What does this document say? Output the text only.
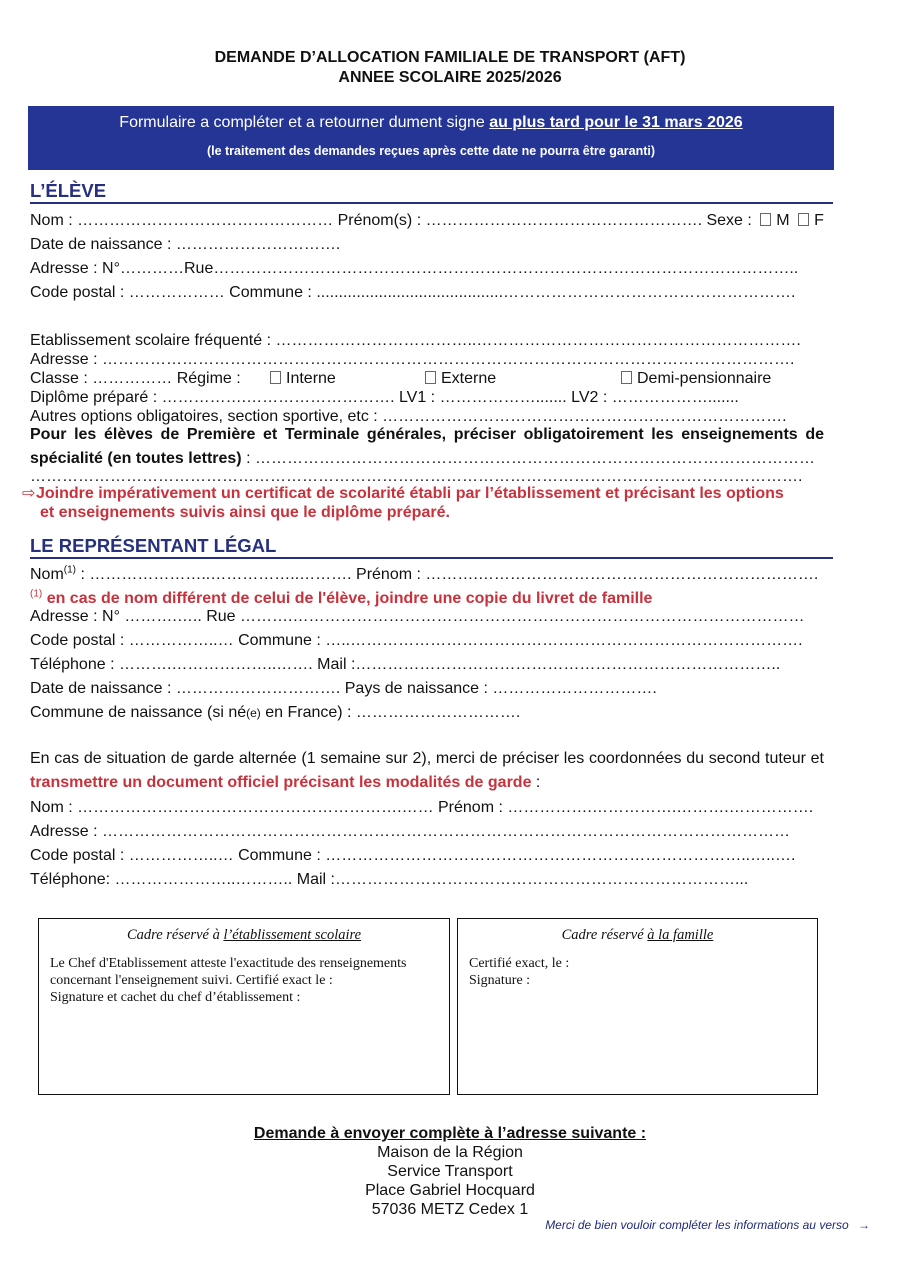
DEMANDE D’ALLOCATION FAMILIALE DE TRANSPORT (AFT)
ANNEE SCOLAIRE 2025/2026
Formulaire a compléter et a retourner dument signe au plus tard pour le 31 mars 2026
(le traitement des demandes reçues après cette date ne pourra être garanti)
L’ÉLÈVE
Nom : ………………………………………… Prénom(s) : ……………………………………………. Sexe : M F
Date de naissance : ………………………….
Adresse : N°…………Rue………………………………………………………………………………………………..
Code postal : ……………… Commune : ..........................................……………………………………………….
Etablissement scolaire fréquenté : ………………………………..…………………………………………………….
Adresse : ………………………………………………………………………………………………………………….
Classe : …………… Régime :	Interne	Externe	Demi-pensionnaire
Diplôme préparé : …………….………………………. LV1 : ………………....... LV2 : ……………….......
Autres options obligatoires, section sportive, etc : ………………………………………………………………….
Pour les élèves de Première et Terminale générales, préciser obligatoirement les enseignements de spécialité (en toutes lettres) : ……………………………………………………………………………………………
……………………………………………………………………………………………………………………………….
⇨Joindre impérativement un certificat de scolarité établi par l’établissement et précisant les options
et enseignements suivis ainsi que le diplôme préparé.
LE REPRÉSENTANT LÉGAL
Nom$^{(1)}$ : …………………..……………..………. Prénom : ……….……………………………………………………….
$^{(1)}$ en cas de nom différent de celui de l'élève, joindre une copie du livret de famille
Adresse : N° ……….….. Rue ……….……………………………………………………………………………………
Code postal : ……………..… Commune : …..………………………………………………………………………….
Téléphone : ……….………………..……. Mail :……………………………………………………………………..
Date de naissance : …………………………. Pays de naissance : ………………………….
Commune de naissance (si né(e) en France) : ………………………….
En cas de situation de garde alternée (1 semaine sur 2), merci de préciser les coordonnées du second tuteur et transmettre un document officiel précisant les modalités de garde :
Nom : …………………………………………………….…… Prénom : …………….…………….……….…………….
Adresse : …………………………………………………………………………………………………………………
Code postal : ……………..… Commune : ……………………………………………………………………..…..….
Téléphone: …………………..……….. Mail :…………………………………………………………………...
Cadre réservé à l’établissement scolaire
Le Chef d'Etablissement atteste l'exactitude des renseignements concernant l'enseignement suivi. Certifié exact le :
Signature et cachet du chef d’établissement :
Cadre réservé à la famille
Certifié exact, le :
Signature :
Demande à envoyer complète à l’adresse suivante :
Maison de la Région
Service Transport
Place Gabriel Hocquard
57036 METZ Cedex 1
Merci de bien vouloir compléter les informations au verso →
